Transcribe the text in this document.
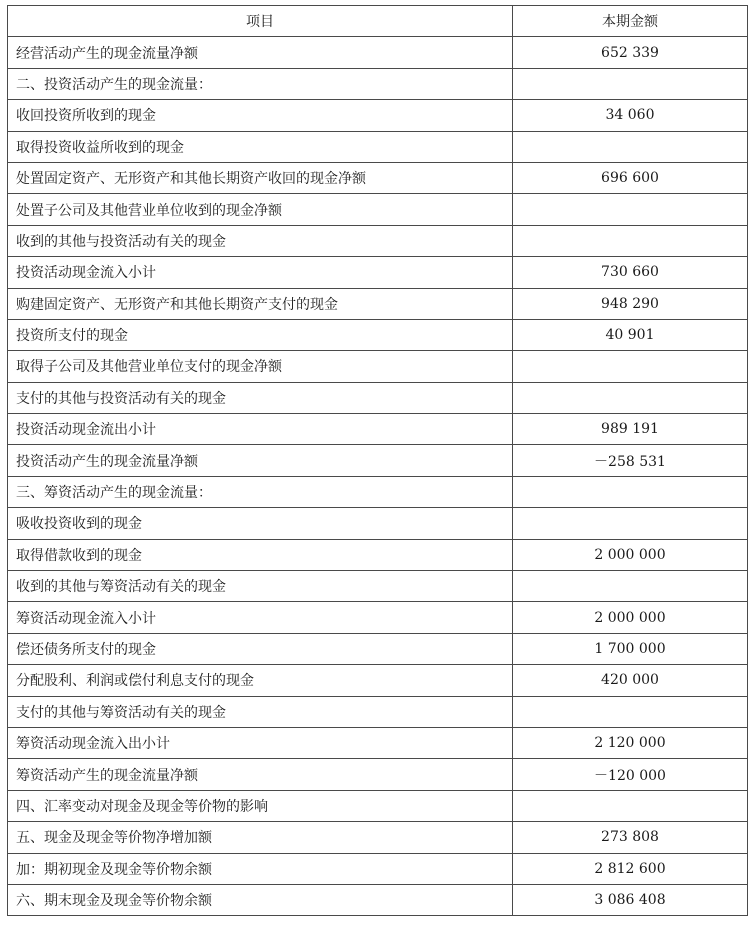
项目	本期金额
经营活动产生的现金流量净额	652 339
二、投资活动产生的现金流量：	
收回投资所收到的现金	34 060
取得投资收益所收到的现金	
处置固定资产、无形资产和其他长期资产收回的现金净额	696 600
处置子公司及其他营业单位收到的现金净额	
收到的其他与投资活动有关的现金	
投资活动现金流入小计	730 660
购建固定资产、无形资产和其他长期资产支付的现金	948 290
投资所支付的现金	40 901
取得子公司及其他营业单位支付的现金净额	
支付的其他与投资活动有关的现金	
投资活动现金流出小计	989 191
投资活动产生的现金流量净额	－258 531
三、筹资活动产生的现金流量：	
吸收投资收到的现金	
取得借款收到的现金	2 000 000
收到的其他与筹资活动有关的现金	
筹资活动现金流入小计	2 000 000
偿还债务所支付的现金	1 700 000
分配股利、利润或偿付利息支付的现金	420 000
支付的其他与筹资活动有关的现金	
筹资活动现金流入出小计	2 120 000
筹资活动产生的现金流量净额	－120 000
四、汇率变动对现金及现金等价物的影响	
五、现金及现金等价物净增加额	273 808
加：期初现金及现金等价物余额	2 812 600
六、期末现金及现金等价物余额	3 086 408
